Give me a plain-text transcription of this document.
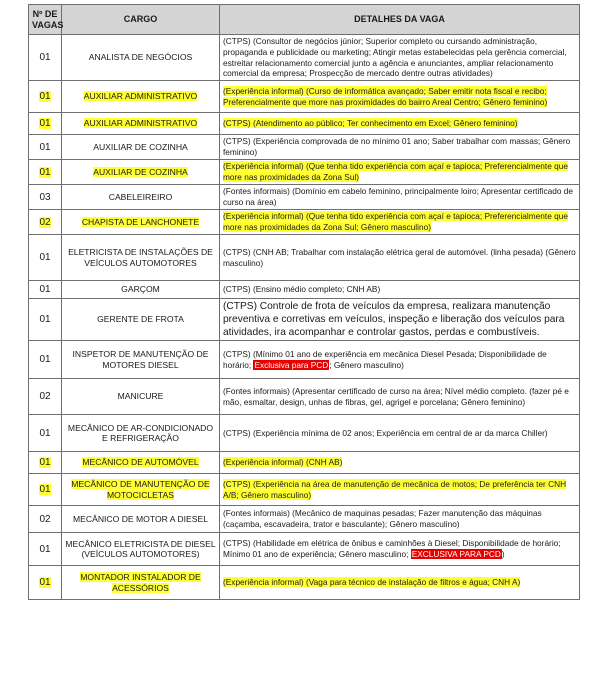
Nº DE VAGAS	CARGO	DETALHES DA VAGA
01	ANALISTA DE NEGÓCIOS	(CTPS) (Consultor de negócios júnior; Superior completo ou cursando administração, propaganda e publicidade ou marketing; Atingir metas estabelecidas pela gerência comercial, estreitar relacionamento comercial junto a agência e anunciantes, ampliar relacionamento comercial da empresa; Prospecção de mercado dentre outras atividades)
01	AUXILIAR ADMINISTRATIVO	(Experiência informal) (Curso de informática avançado; Saber emitir nota fiscal e recibo; Preferencialmente que more nas proximidades do bairro Areal Centro; Gênero feminino)
01	AUXILIAR ADMINISTRATIVO	(CTPS) (Atendimento ao público; Ter conhecimento em Excel; Gênero feminino)
01	AUXILIAR DE COZINHA	(CTPS) (Experiência comprovada de no mínimo 01 ano; Saber trabalhar com massas; Gênero feminino)
01	AUXILIAR DE COZINHA	(Experiência informal) (Que tenha tido experiência com açaí e tapioca; Preferencialmente que more nas proximidades da Zona Sul)
03	CABELEIREIRO	(Fontes informais) (Domínio em cabelo feminino, principalmente loiro; Apresentar certificado de curso na área)
02	CHAPISTA DE LANCHONETE	(Experiência informal) (Que tenha tido experiência com açaí e tapioca; Preferencialmente que more nas proximidades da Zona Sul; Gênero masculino)
01	ELETRICISTA DE INSTALAÇÕES DE VEÍCULOS AUTOMOTORES	(CTPS) (CNH AB; Trabalhar com instalação elétrica geral de automóvel. (linha pesada) (Gênero masculino)
01	GARÇOM	(CTPS) (Ensino médio completo; CNH AB)
01	GERENTE DE FROTA	(CTPS) Controle de frota de veículos da empresa, realizara manutenção preventiva e corretivas em veículos, inspeção e liberação dos veículos para atividades, ira acompanhar e controlar gastos, perdas e combustíveis.
01	INSPETOR DE MANUTENÇÃO DE MOTORES DIESEL	(CTPS) (Mínimo 01 ano de experiência em mecânica Diesel Pesada; Disponibilidade de horário; Exclusiva para PCD; Gênero masculino)
02	MANICURE	(Fontes informais) (Apresentar certificado de curso na área; Nível médio completo. (fazer pé e mão, esmaltar, design, unhas de fibras, gel, agrigel e porcelana; Gênero feminino)
01	MECÂNICO DE AR-CONDICIONADO E REFRIGERAÇÃO	(CTPS) (Experiência mínima de 02 anos; Experiência em central de ar da marca Chiller)
01	MECÂNICO DE AUTOMÓVEL	(Experiência informal) (CNH AB)
01	MECÂNICO DE MANUTENÇÃO DE MOTOCICLETAS	(CTPS) (Experiência na área de manutenção de mecânica de motos; De preferência ter CNH A/B; Gênero masculino)
02	MECÂNICO DE MOTOR A DIESEL	(Fontes informais) (Mecânico de maquinas pesadas; Fazer manutenção das máquinas (caçamba, escavadeira, trator e basculante); Gênero masculino)
01	MECÂNICO ELETRICISTA DE DIESEL (VEÍCULOS AUTOMOTORES)	(CTPS) (Habilidade em elétrica de ônibus e caminhões à Diesel; Disponibilidade de horário; Mínimo 01 ano de experiência; Gênero masculino; EXCLUSIVA PARA PCD)
01	MONTADOR INSTALADOR DE ACESSÓRIOS	(Experiência informal) (Vaga para técnico de instalação de filtros e água; CNH A)
